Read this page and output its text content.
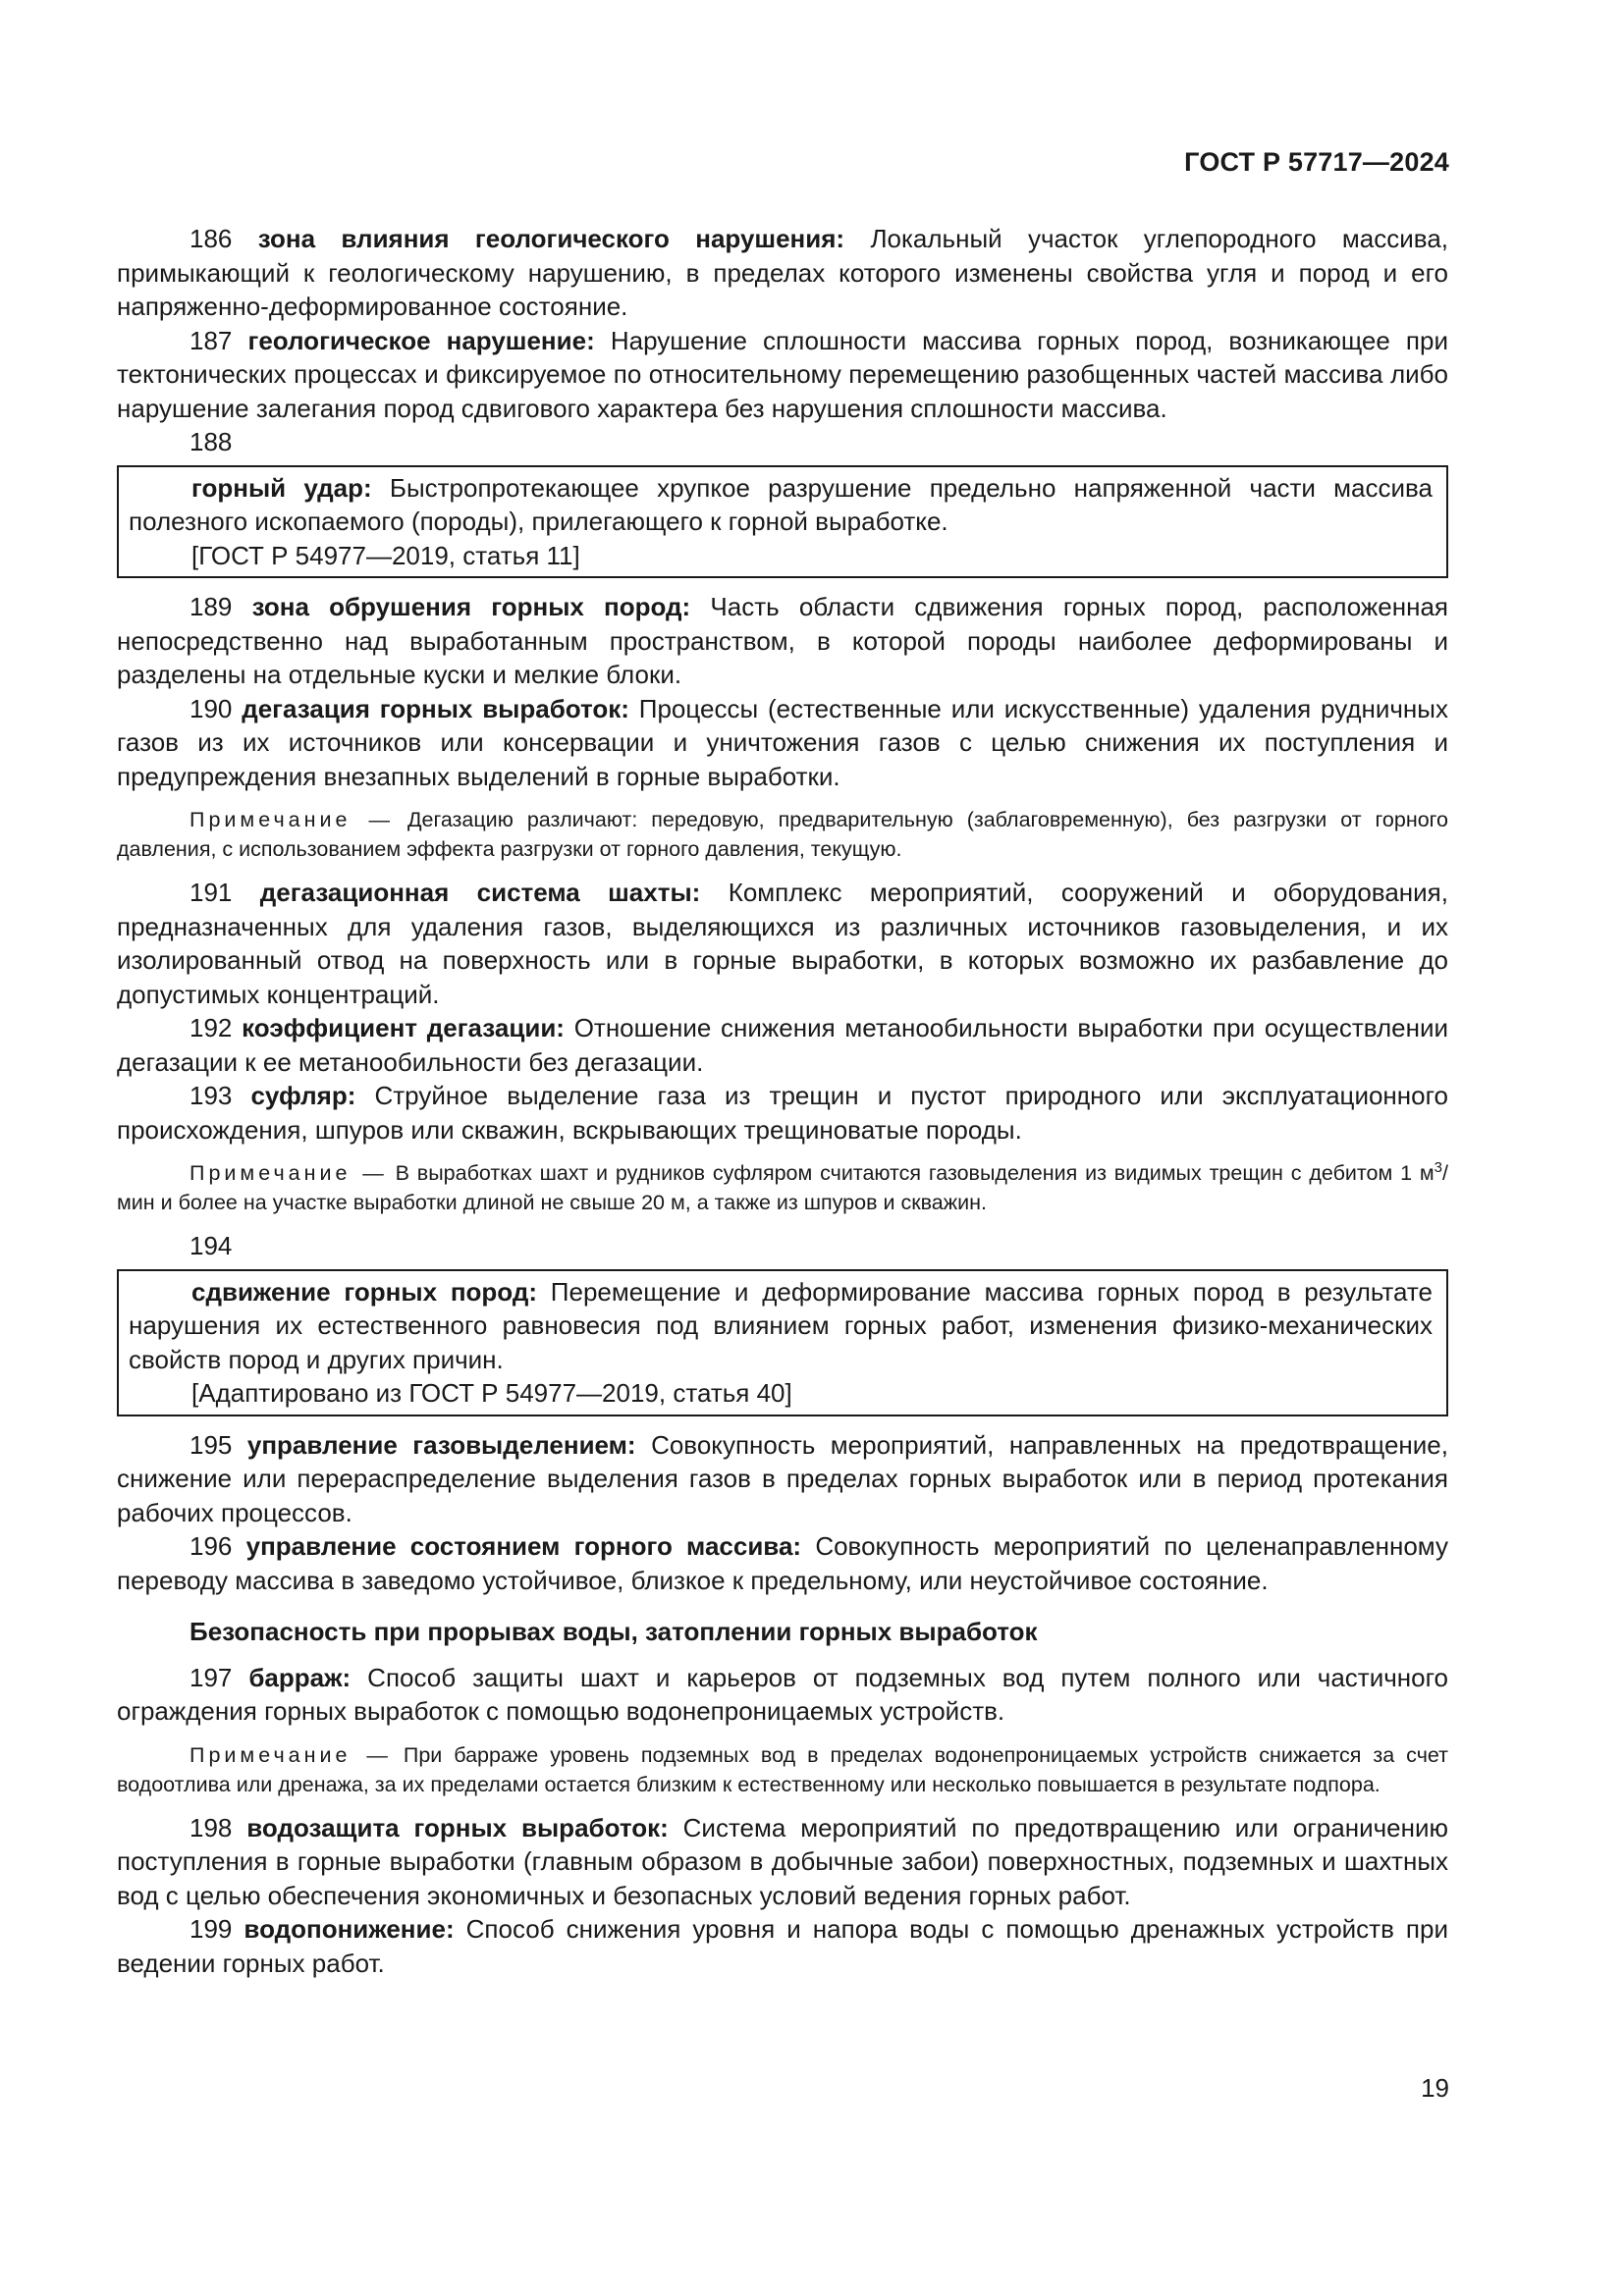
ГОСТ Р 57717—2024

186 зона влияния геологического нарушения: Локальный участок углепородного массива, примыкающий к геологическому нарушению, в пределах которого изменены свойства угля и пород и его напряженно-деформированное состояние.

187 геологическое нарушение: Нарушение сплошности массива горных пород, возникающее при тектонических процессах и фиксируемое по относительному перемещению разобщенных частей массива либо нарушение залегания пород сдвигового характера без нарушения сплошности массива.

188

горный удар: Быстропротекающее хрупкое разрушение предельно напряженной части массива полезного ископаемого (породы), прилегающего к горной выработке.

[ГОСТ Р 54977—2019, статья 11]

189 зона обрушения горных пород: Часть области сдвижения горных пород, расположенная непосредственно над выработанным пространством, в которой породы наиболее деформированы и разделены на отдельные куски и мелкие блоки.

190 дегазация горных выработок: Процессы (естественные или искусственные) удаления рудничных газов из их источников или консервации и уничтожения газов с целью снижения их поступления и предупреждения внезапных выделений в горные выработки.

Примечание — Дегазацию различают: передовую, предварительную (заблаговременную), без разгрузки от горного давления, с использованием эффекта разгрузки от горного давления, текущую.

191 дегазационная система шахты: Комплекс мероприятий, сооружений и оборудования, предназначенных для удаления газов, выделяющихся из различных источников газовыделения, и их изолированный отвод на поверхность или в горные выработки, в которых возможно их разбавление до допустимых концентраций.

192 коэффициент дегазации: Отношение снижения метанообильности выработки при осуществлении дегазации к ее метанообильности без дегазации.

193 суфляр: Струйное выделение газа из трещин и пустот природного или эксплуатационного происхождения, шпуров или скважин, вскрывающих трещиноватые породы.

Примечание — В выработках шахт и рудников суфляром считаются газовыделения из видимых трещин с дебитом 1 $м^3$/мин и более на участке выработки длиной не свыше 20 м, а также из шпуров и скважин.
194

сдвижение горных пород: Перемещение и деформирование массива горных пород в результате нарушения их естественного равновесия под влиянием горных работ, изменения физико-механических свойств пород и других причин.

[Адаптировано из ГОСТ Р 54977—2019, статья 40]

195 управление газовыделением: Совокупность мероприятий, направленных на предотвращение, снижение или перераспределение выделения газов в пределах горных выработок или в период протекания рабочих процессов.

196 управление состоянием горного массива: Совокупность мероприятий по целенаправленному переводу массива в заведомо устойчивое, близкое к предельному, или неустойчивое состояние.

Безопасность при прорывах воды, затоплении горных выработок

197 барраж: Способ защиты шахт и карьеров от подземных вод путем полного или частичного ограждения горных выработок с помощью водонепроницаемых устройств.

Примечание — При барраже уровень подземных вод в пределах водонепроницаемых устройств снижается за счет водоотлива или дренажа, за их пределами остается близким к естественному или несколько повышается в результате подпора.

198 водозащита горных выработок: Система мероприятий по предотвращению или ограничению поступления в горные выработки (главным образом в добычные забои) поверхностных, подземных и шахтных вод с целью обеспечения экономичных и безопасных условий ведения горных работ.

199 водопонижение: Способ снижения уровня и напора воды с помощью дренажных устройств при ведении горных работ.

19
